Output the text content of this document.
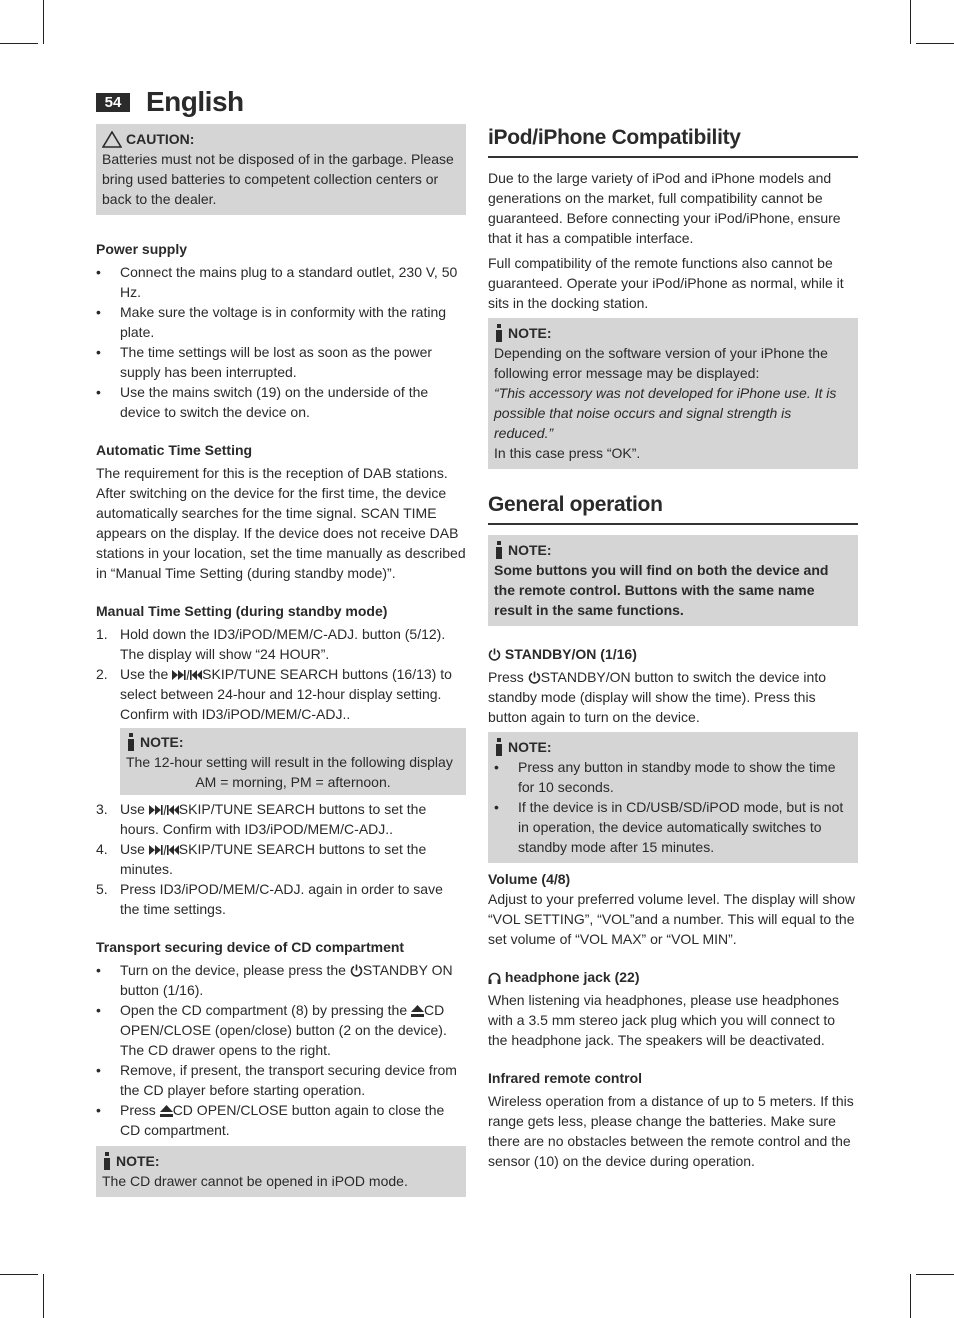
54 English
CAUTION:

Batteries must not be disposed of in the garbage. Please bring used batteries to competent collection centers or back to the dealer.

Power supply

• Connect the mains plug to a standard outlet, 230 V, 50 Hz.
• Make sure the voltage is in conformity with the rating plate.
• The time settings will be lost as soon as the power supply has been interrupted.
• Use the mains switch (19) on the underside of the device to switch the device on.

Automatic Time Setting

The requirement for this is the reception of DAB stations. After switching on the device for the first time, the device automatically searches for the time signal. SCAN TIME appears on the display. If the device does not receive DAB stations in your location, set the time manually as described in “Manual Time Setting (during standby mode)”.

Manual Time Setting (during standby mode)

1. Hold down the ID3/iPOD/MEM/C-ADJ. button (5/12). The display will show “24 HOUR”.
2. Use the SKIP/TUNE SEARCH buttons (16/13) to select between 24-hour and 12-hour display setting. Confirm with ID3/iPOD/MEM/C-ADJ..
NOTE:

The 12-hour setting will result in the following display

AM = morning, PM = afternoon.

3. Use SKIP/TUNE SEARCH buttons to set the hours. Confirm with ID3/iPOD/MEM/C-ADJ..
4. Use SKIP/TUNE SEARCH buttons to set the minutes.
5. Press ID3/iPOD/MEM/C-ADJ. again in order to save the time settings.

Transport securing device of CD compartment

• Turn on the device, please press the STANDBY ON button (1/16).
• Open the CD compartment (8) by pressing the CD OPEN/CLOSE (open/close) button (2 on the device). The CD drawer opens to the right.
• Remove, if present, the transport securing device from the CD player before starting operation.
• Press CD OPEN/CLOSE button again to close the CD compartment.
NOTE:

The CD drawer cannot be opened in iPOD mode.

iPod/iPhone Compatibility

Due to the large variety of iPod and iPhone models and generations on the market, full compatibility cannot be guaranteed. Before connecting your iPod/iPhone, ensure that it has a compatible interface.

Full compatibility of the remote functions also cannot be guaranteed. Operate your iPod/iPhone as normal, while it sits in the docking station.

NOTE:

Depending on the software version of your iPhone the following error message may be displayed:

“This accessory was not developed for iPhone use. It is possible that noise occurs and signal strength is reduced.”

In this case press “OK”.

General operation
NOTE:

Some buttons you will find on both the device and the remote control. Buttons with the same name result in the same functions.

STANDBY/ON (1/16)

Press STANDBY/ON button to switch the device into standby mode (display will show the time). Press this button again to turn on the device.

NOTE:
• Press any button in standby mode to show the time for 10 seconds.
• If the device is in CD/USB/SD/iPOD mode, but is not in operation, the device automatically switches to standby mode after 15 minutes.

Volume (4/8)

Adjust to your preferred volume level. The display will show “VOL SETTING”, “VOL”and a number. This will equal to the set volume of “VOL MAX” or “VOL MIN”.

headphone jack (22)

When listening via headphones, please use headphones with a 3.5 mm stereo jack plug which you will connect to the headphone jack. The speakers will be deactivated.

Infrared remote control

Wireless operation from a distance of up to 5 meters. If this range gets less, please change the batteries. Make sure there are no obstacles between the remote control and the sensor (10) on the device during operation.
